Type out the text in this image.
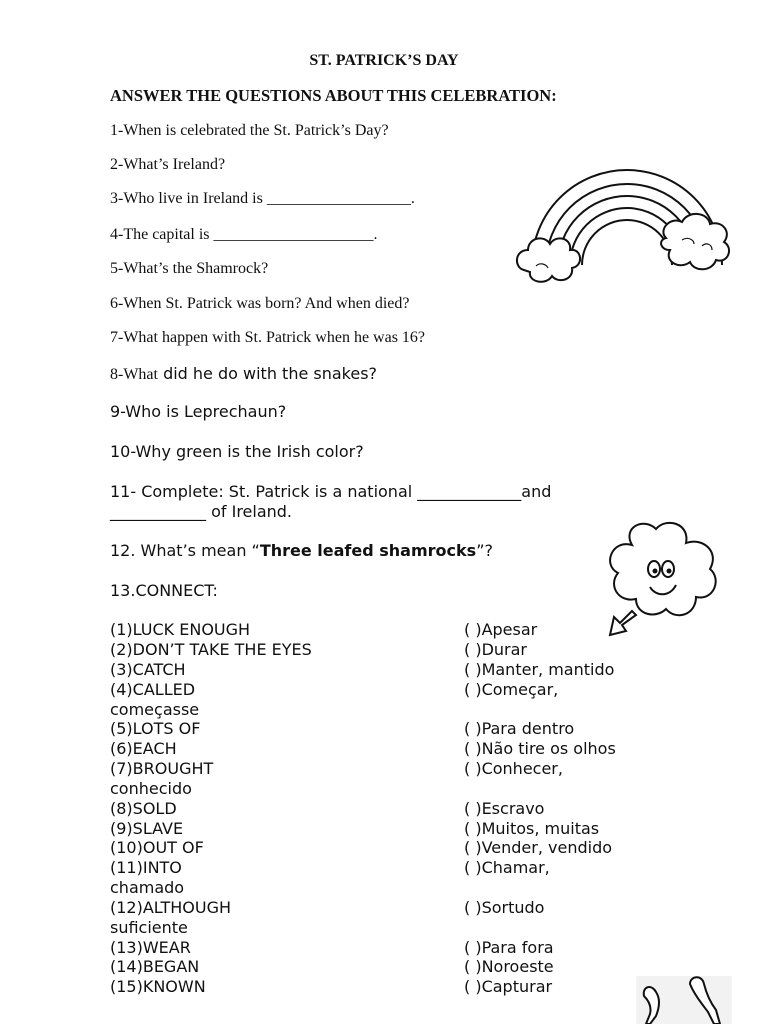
ST. PATRICK’S DAY
ANSWER THE QUESTIONS ABOUT THIS CELEBRATION:
1-When is celebrated the St. Patrick’s Day?
2-What’s Ireland?
3-Who live in Ireland is __________________.
4-The capital is ____________________.
5-What’s the Shamrock?
6-When St. Patrick was born? And when died?
7-What happen with St. Patrick when he was 16?
8-What did he do with the snakes?
9-Who is Leprechaun?
10-Why green is the Irish color?
11- Complete: St. Patrick is a national _____________and
____________ of Ireland.
12. What’s mean “Three leafed shamrocks”?
13.CONNECT:
(1)LUCK ENOUGH
(2)DON’T TAKE THE EYES
(3)CATCH
(4)CALLED
começasse
(5)LOTS OF
(6)EACH
(7)BROUGHT
conhecido
(8)SOLD
(9)SLAVE
(10)OUT OF
(11)INTO
chamado
(12)ALTHOUGH
suficiente
(13)WEAR
(14)BEGAN
(15)KNOWN
( )Apesar
( )Durar
( )Manter, mantido
( )Começar,
( )Para dentro
( )Não tire os olhos
( )Conhecer,
( )Escravo
( )Muitos, muitas
( )Vender, vendido
( )Chamar,
( )Sortudo
( )Para fora
( )Noroeste
( )Capturar
